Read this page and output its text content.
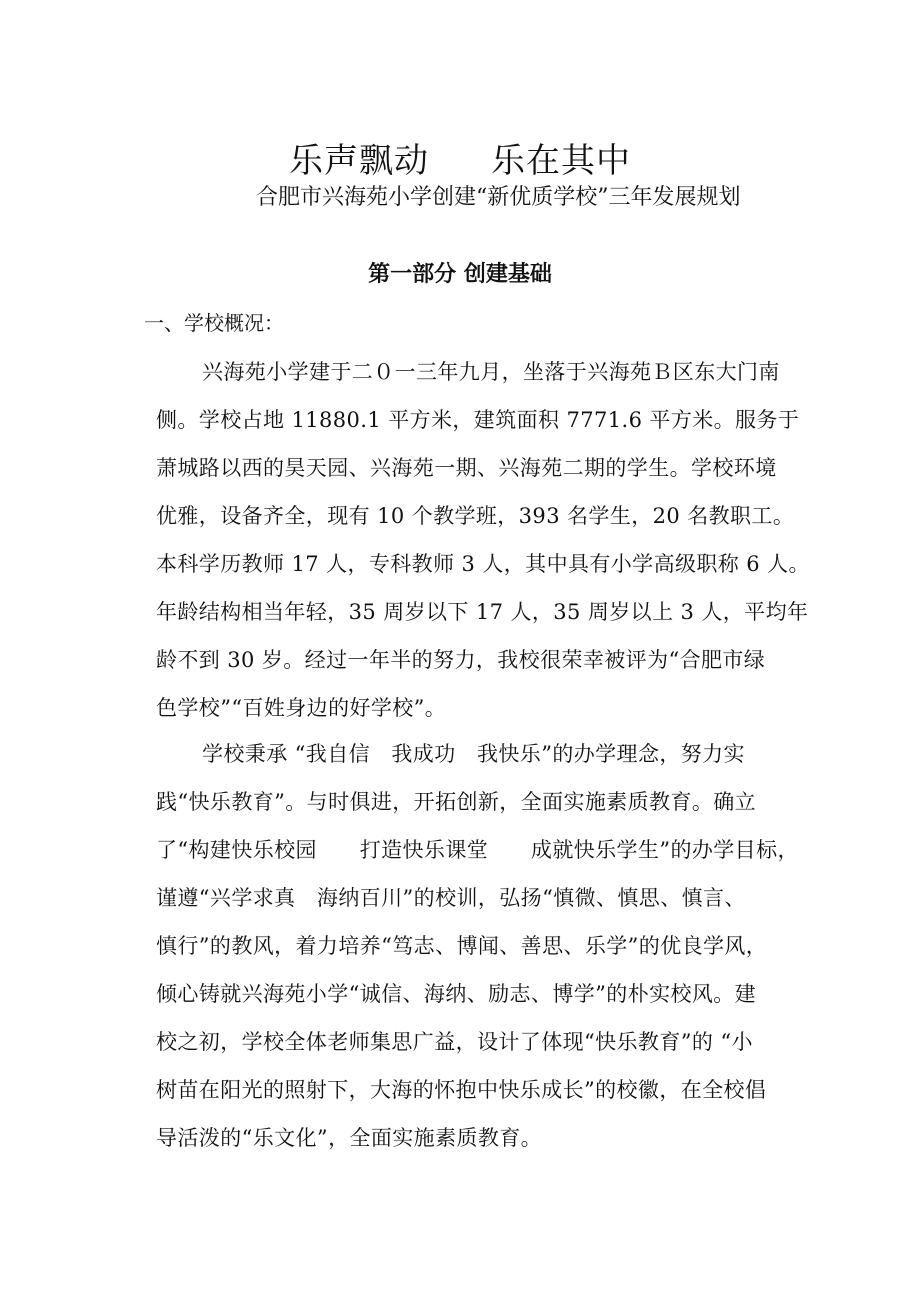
乐声飘动 乐在其中
合肥市兴海苑小学创建“新优质学校”三年发展规划
第一部分 创建基础
一、学校概况：
兴海苑小学建于二０一三年九月，坐落于兴海苑Ｂ区东大门南
侧。学校占地 11880.1 平方米，建筑面积 7771.6 平方米。服务于
萧城路以西的昊天园、兴海苑一期、兴海苑二期的学生。学校环境
优雅，设备齐全，现有 10 个教学班，393 名学生，20 名教职工。
本科学历教师 17 人，专科教师 3 人，其中具有小学高级职称 6 人。
年龄结构相当年轻，35 周岁以下 17 人，35 周岁以上 3 人，平均年
龄不到 30 岁。经过一年半的努力，我校很荣幸被评为“合肥市绿
色学校”“百姓身边的好学校”。
学校秉承 “我自信　我成功　我快乐”的办学理念，努力实
践“快乐教育”。与时俱进，开拓创新，全面实施素质教育。确立
了“构建快乐校园　　打造快乐课堂　　成就快乐学生”的办学目标，
谨遵“兴学求真　海纳百川”的校训，弘扬“慎微、慎思、慎言、
慎行”的教风，着力培养“笃志、博闻、善思、乐学”的优良学风，
倾心铸就兴海苑小学“诚信、海纳、励志、博学”的朴实校风。建
校之初，学校全体老师集思广益，设计了体现“快乐教育”的 “小
树苗在阳光的照射下，大海的怀抱中快乐成长”的校徽，在全校倡
导活泼的“乐文化”，全面实施素质教育。
